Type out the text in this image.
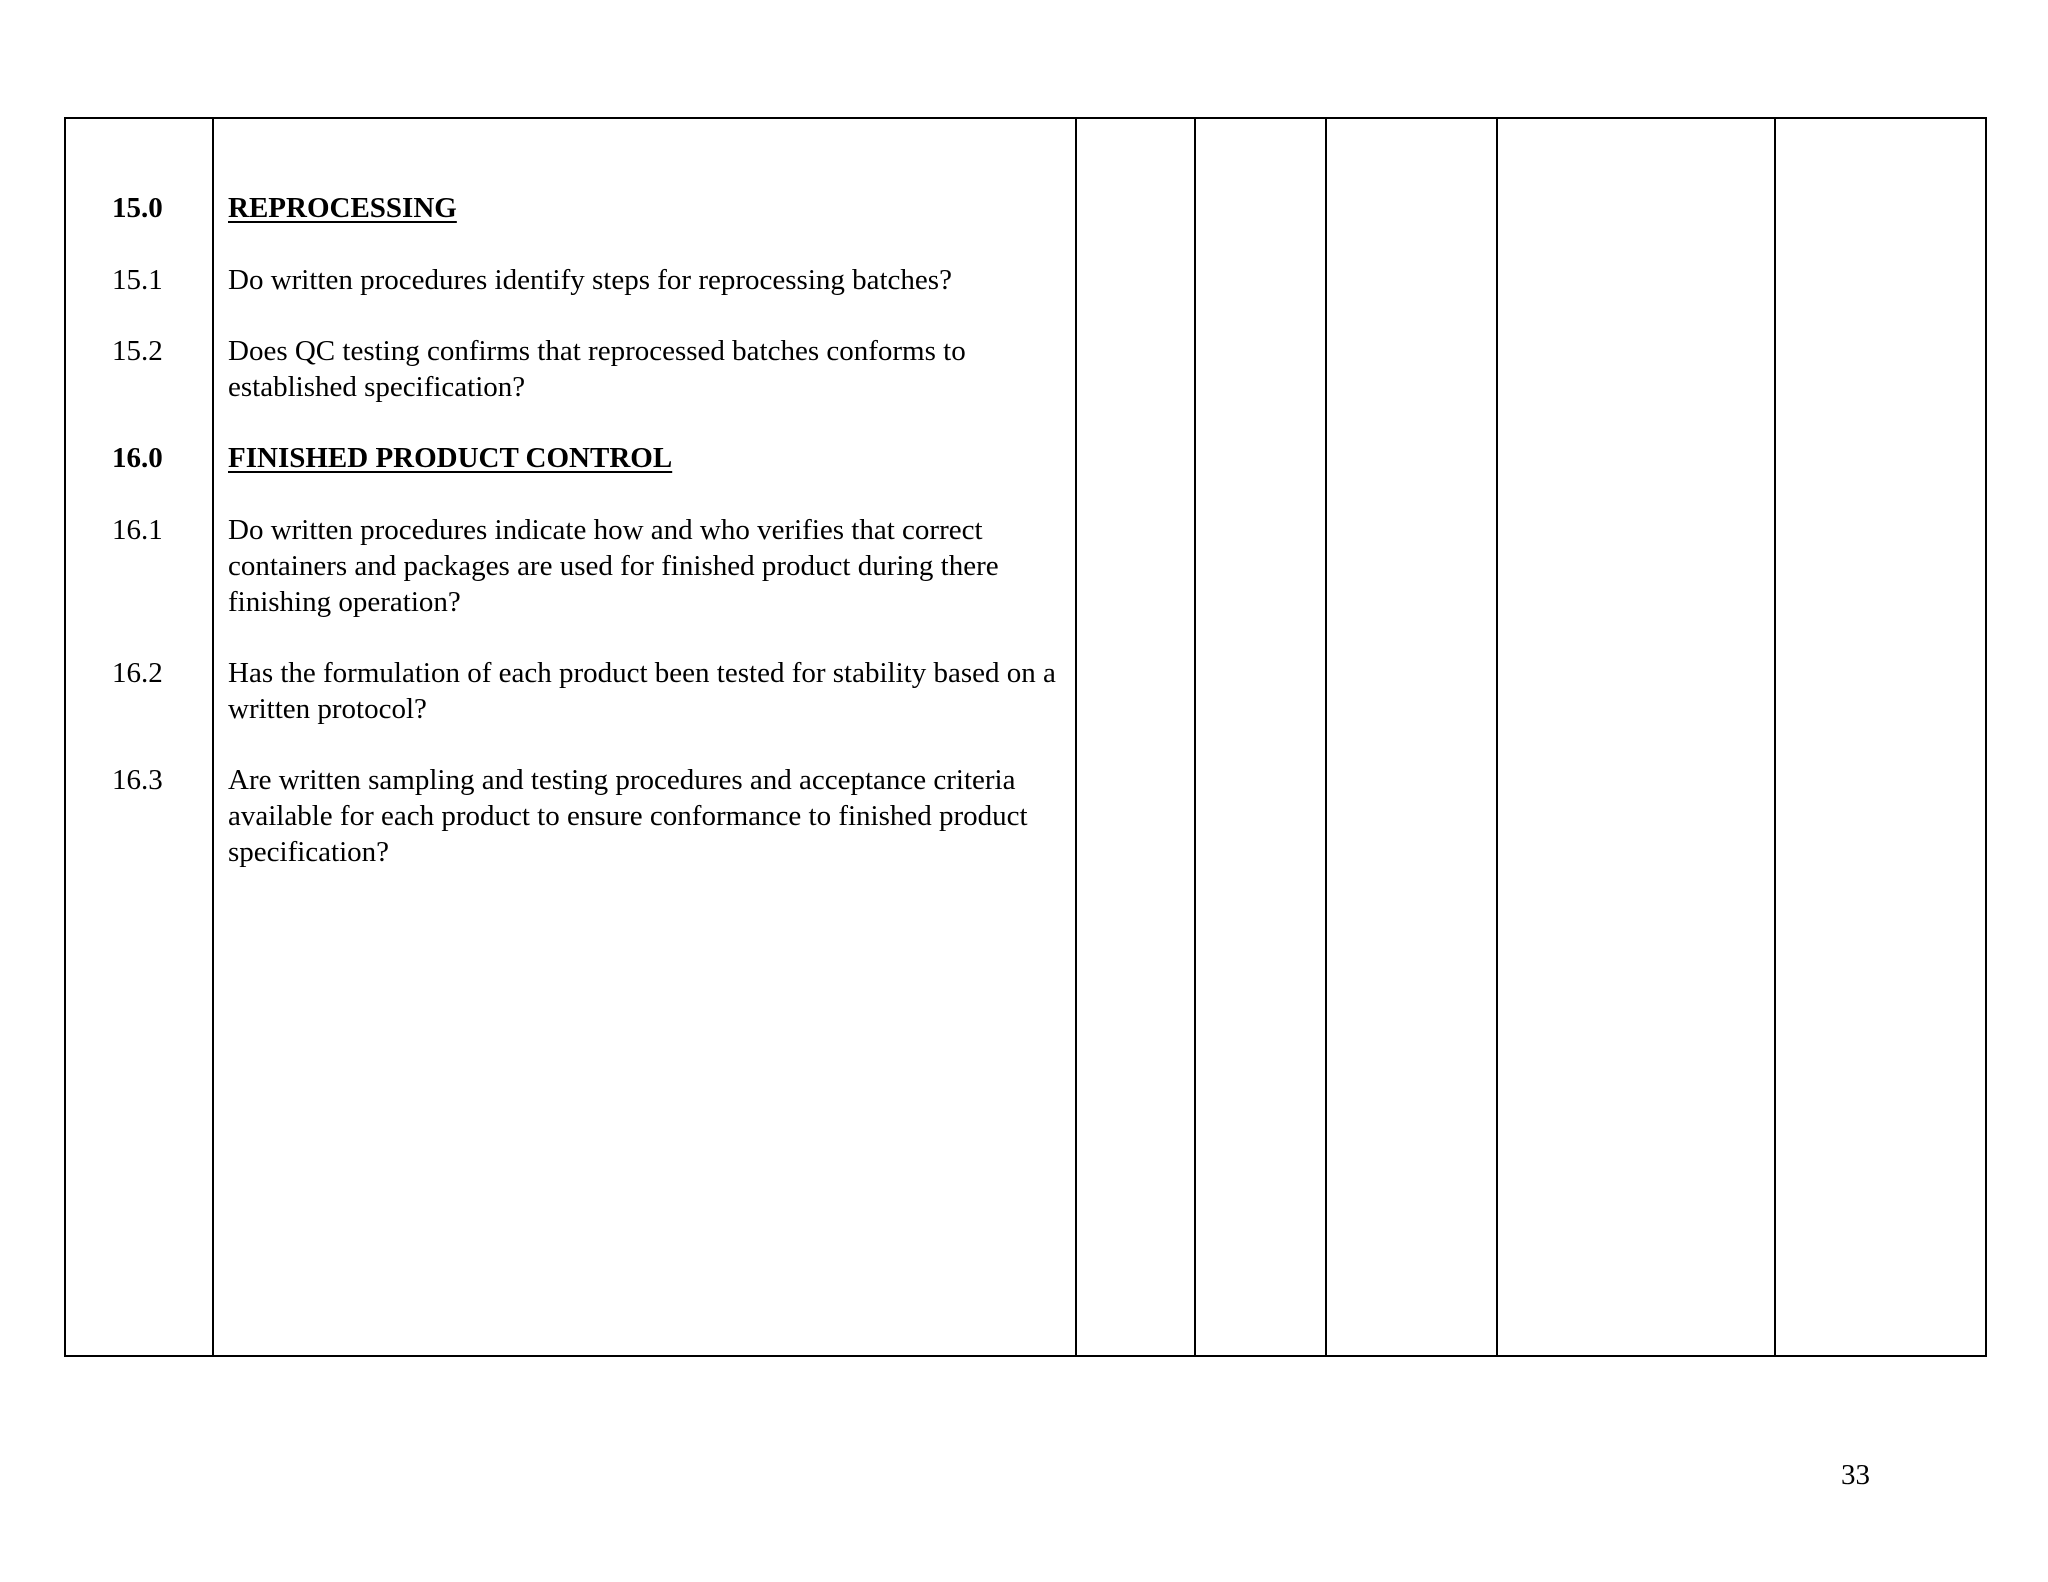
15.0	REPROCESSING
15.1	Do written procedures identify steps for reprocessing batches?
15.2	Does QC testing confirms that reprocessed batches conforms to established specification?
16.0	FINISHED PRODUCT CONTROL
16.1	Do written procedures indicate how and who verifies that correct containers and packages are used for finished product during there finishing operation?
16.2	Has the formulation of each product been tested for stability based on a written protocol?
16.3	Are written sampling and testing procedures and acceptance criteria available for each product to ensure conformance to finished product specification?
33
